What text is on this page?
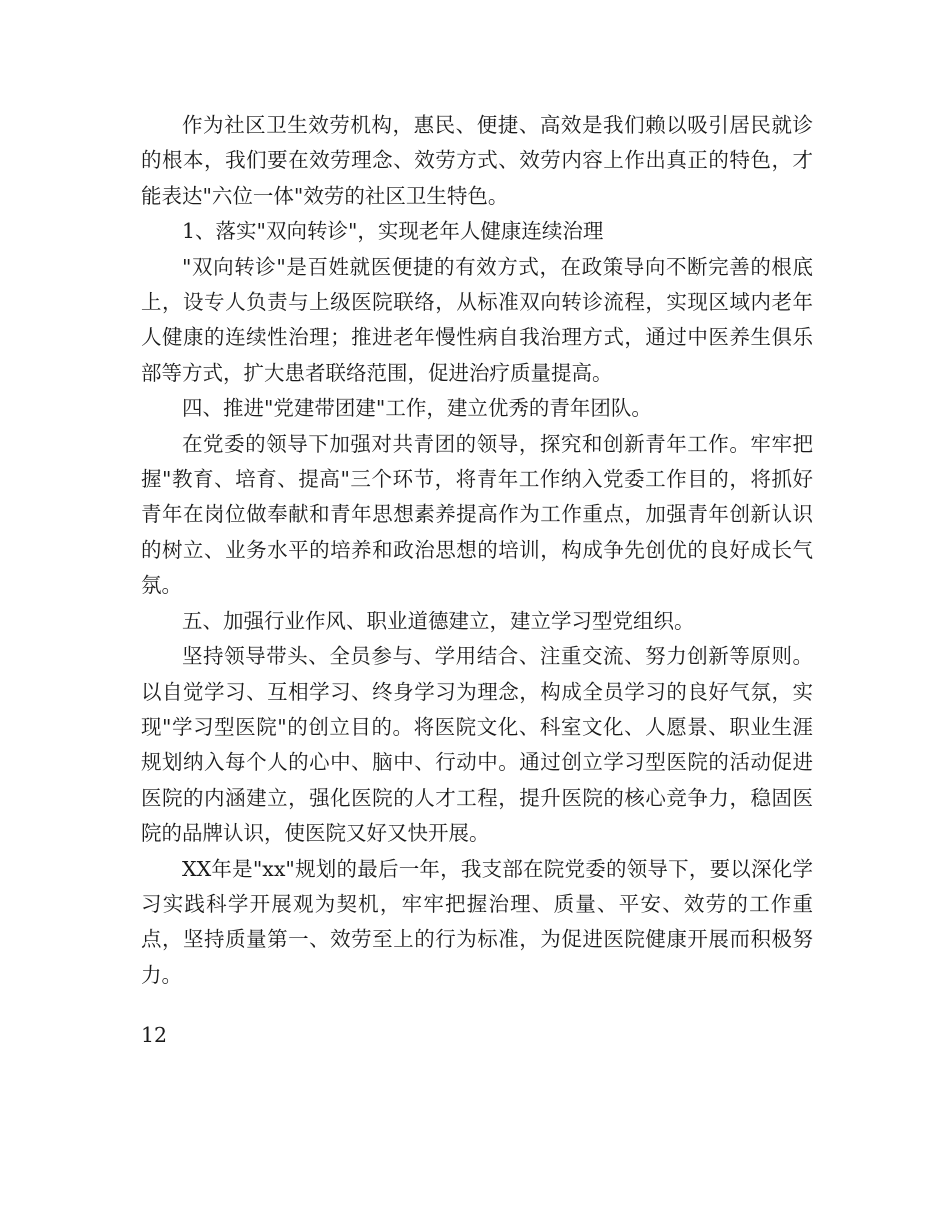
作为社区卫生效劳机构，惠民、便捷、高效是我们赖以吸引居民就诊的根本，我们要在效劳理念、效劳方式、效劳内容上作出真正的特色，才能表达"六位一体"效劳的社区卫生特色。

1、落实"双向转诊"，实现老年人健康连续治理

"双向转诊"是百姓就医便捷的有效方式，在政策导向不断完善的根底上，设专人负责与上级医院联络，从标准双向转诊流程，实现区域内老年人健康的连续性治理；推进老年慢性病自我治理方式，通过中医养生俱乐部等方式，扩大患者联络范围，促进治疗质量提高。

四、推进"党建带团建"工作，建立优秀的青年团队。

在党委的领导下加强对共青团的领导，探究和创新青年工作。牢牢把握"教育、培育、提高"三个环节，将青年工作纳入党委工作目的，将抓好青年在岗位做奉献和青年思想素养提高作为工作重点，加强青年创新认识的树立、业务水平的培养和政治思想的培训，构成争先创优的良好成长气氛。

五、加强行业作风、职业道德建立，建立学习型党组织。

坚持领导带头、全员参与、学用结合、注重交流、努力创新等原则。以自觉学习、互相学习、终身学习为理念，构成全员学习的良好气氛，实现"学习型医院"的创立目的。将医院文化、科室文化、人愿景、职业生涯规划纳入每个人的心中、脑中、行动中。通过创立学习型医院的活动促进医院的内涵建立，强化医院的人才工程，提升医院的核心竞争力，稳固医院的品牌认识，使医院又好又快开展。

XX年是"xx"规划的最后一年，我支部在院党委的领导下，要以深化学习实践科学开展观为契机，牢牢把握治理、质量、平安、效劳的工作重点，坚持质量第一、效劳至上的行为标准，为促进医院健康开展而积极努力。

12
